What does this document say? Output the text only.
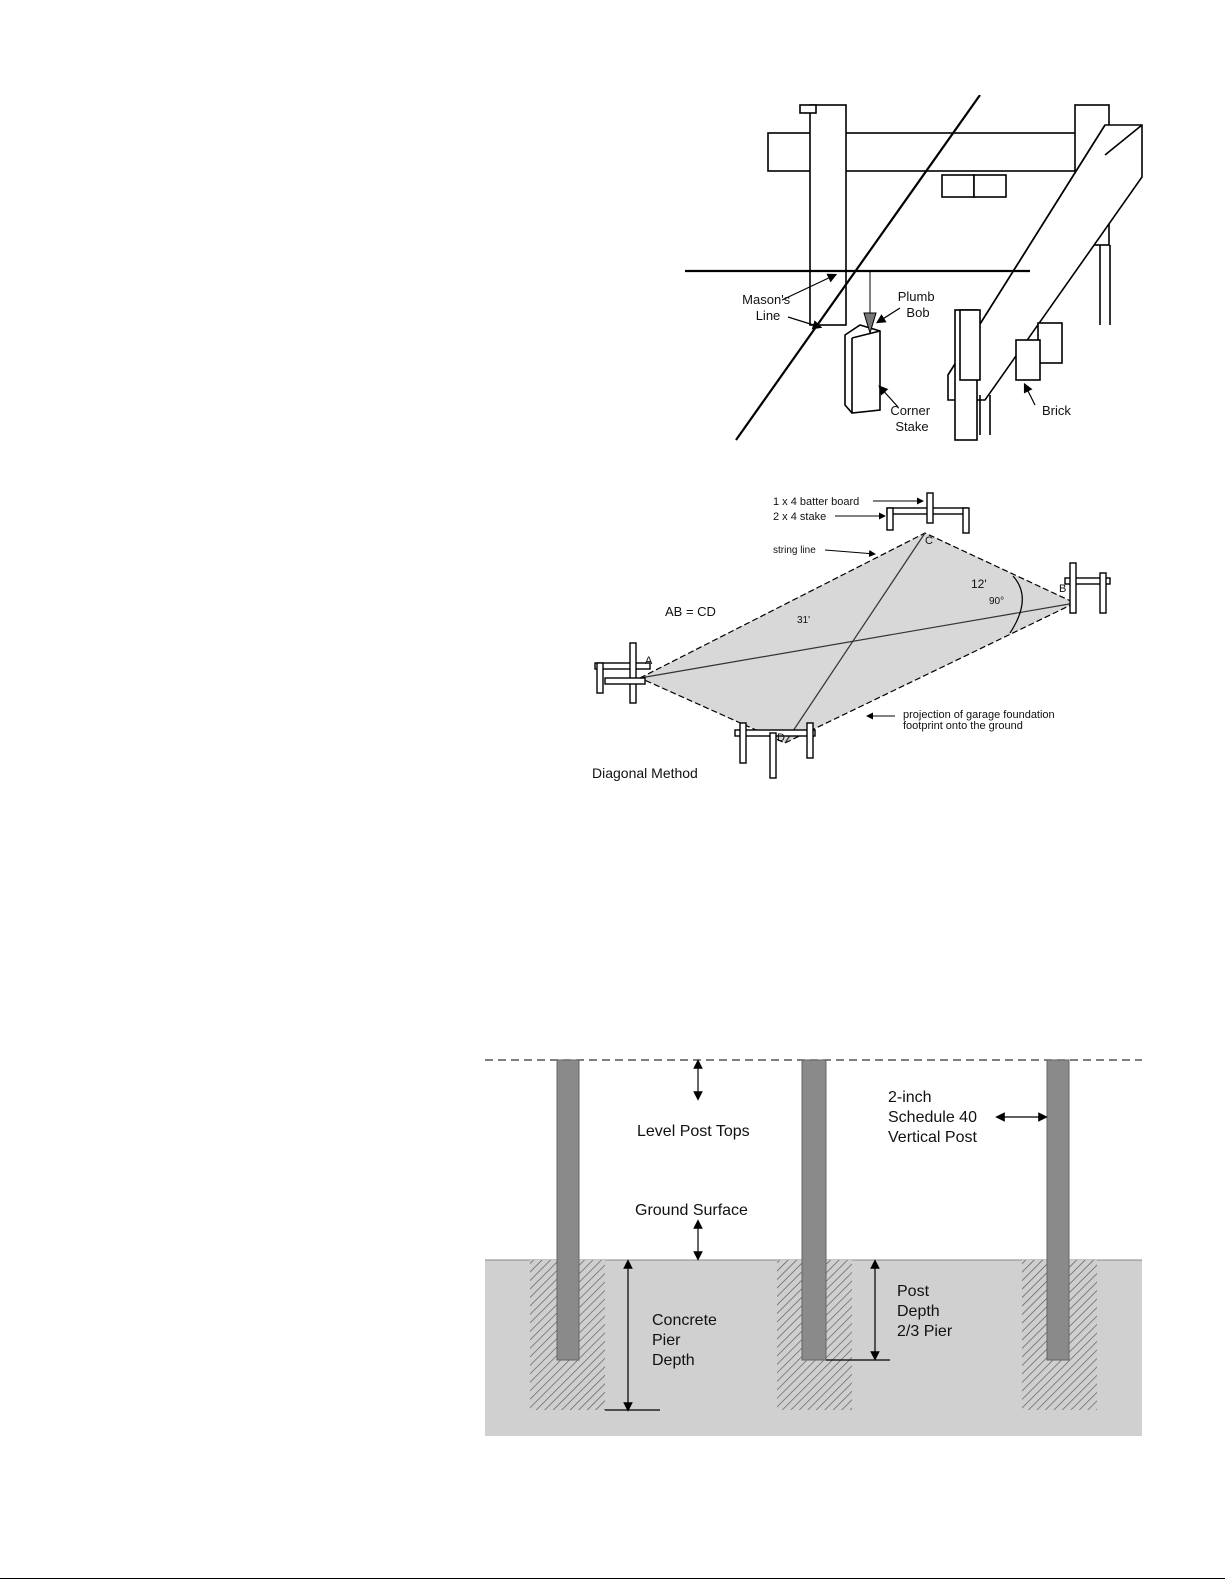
Mason's Line
Plumb Bob
Corner Stake
Brick
1 x 4 batter board
2 x 4 stake
string line
C
B
A
D
12'
90°
31'
AB = CD
projection of garage foundation footprint onto the ground
Diagonal Method
Level Post Tops
2-inch Schedule 40 Vertical Post
Ground Surface
Concrete Pier Depth
Post Depth 2/3 Pier
